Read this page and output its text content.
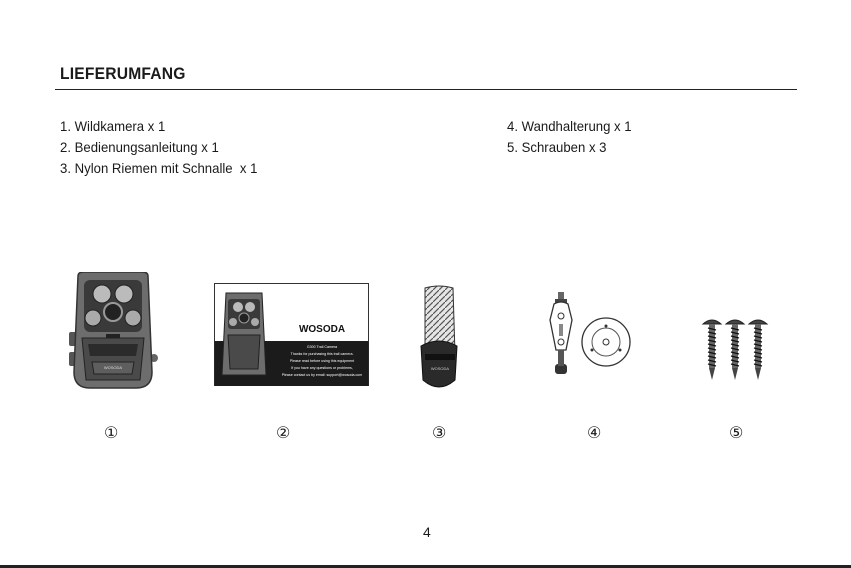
LIEFERUMFANG
1. Wildkamera x 1
2. Bedienungsanleitung x 1
3. Nylon Riemen mit Schnalle  x 1
4. Wandhalterung x 1
5. Schrauben x 3
WOSODA
WOSODA
G300 Trail Camera
Thanks for purchasing this trail camera.
Please read before using this equipment
If you have any questions or problems,
Please contact us by email: support@wosoda.com
WOSODA
①	②	③	④	⑤
4
